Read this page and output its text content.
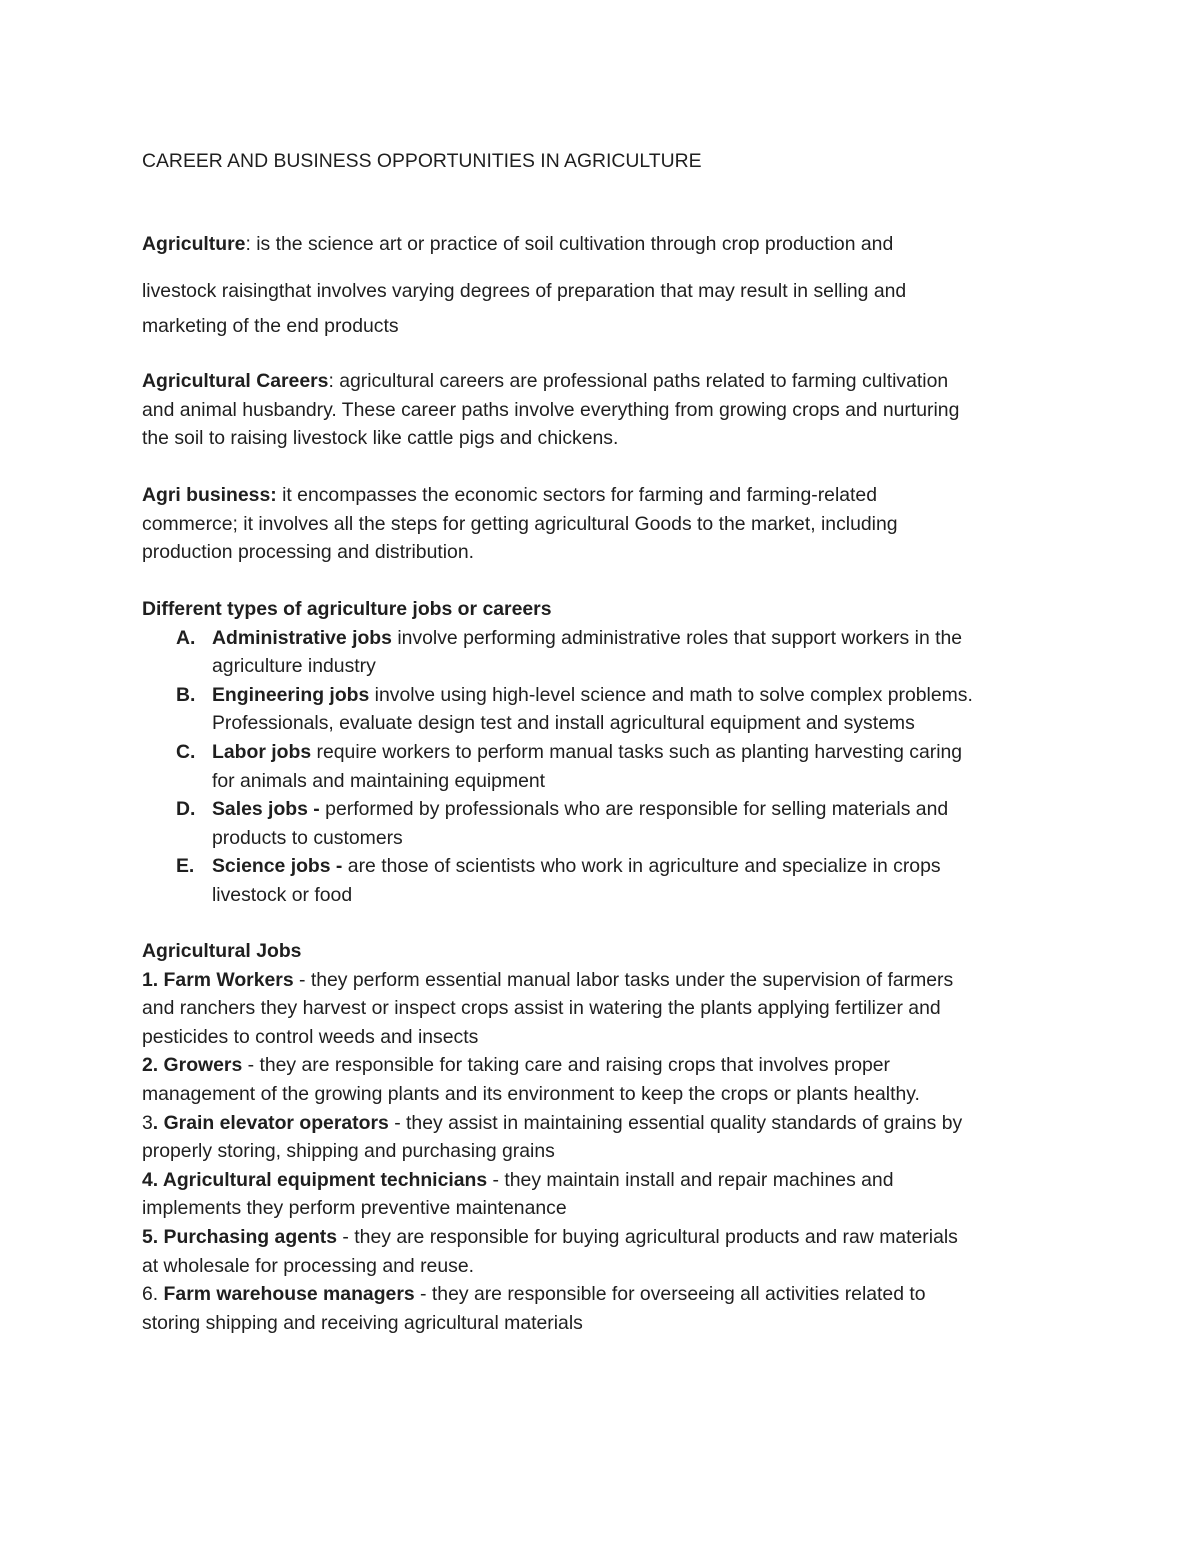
CAREER AND BUSINESS OPPORTUNITIES IN AGRICULTURE
Agriculture: is the science art or practice of soil cultivation through crop production and
livestock raisingthat involves varying degrees of preparation that may result in selling and
marketing of the end products
Agricultural Careers: agricultural careers are professional paths related to farming cultivation
and animal husbandry. These career paths involve everything from growing crops and nurturing
the soil to raising livestock like cattle pigs and chickens.
Agri business: it encompasses the economic sectors for farming and farming-related
commerce; it involves all the steps for getting agricultural Goods to the market, including
production processing and distribution.
Different types of agriculture jobs or careers
A. Administrative jobs involve performing administrative roles that support workers in the
agriculture industry
B. Engineering jobs involve using high-level science and math to solve complex problems.
Professionals, evaluate design test and install agricultural equipment and systems
C. Labor jobs require workers to perform manual tasks such as planting harvesting caring
for animals and maintaining equipment
D. Sales jobs - performed by professionals who are responsible for selling materials and
products to customers
E. Science jobs - are those of scientists who work in agriculture and specialize in crops
livestock or food
Agricultural Jobs
1. Farm Workers - they perform essential manual labor tasks under the supervision of farmers
and ranchers they harvest or inspect crops assist in watering the plants applying fertilizer and
pesticides to control weeds and insects
2. Growers - they are responsible for taking care and raising crops that involves proper
management of the growing plants and its environment to keep the crops or plants healthy.
3. Grain elevator operators - they assist in maintaining essential quality standards of grains by
properly storing, shipping and purchasing grains
4. Agricultural equipment technicians - they maintain install and repair machines and
implements they perform preventive maintenance
5. Purchasing agents - they are responsible for buying agricultural products and raw materials
at wholesale for processing and reuse.
6. Farm warehouse managers - they are responsible for overseeing all activities related to
storing shipping and receiving agricultural materials
